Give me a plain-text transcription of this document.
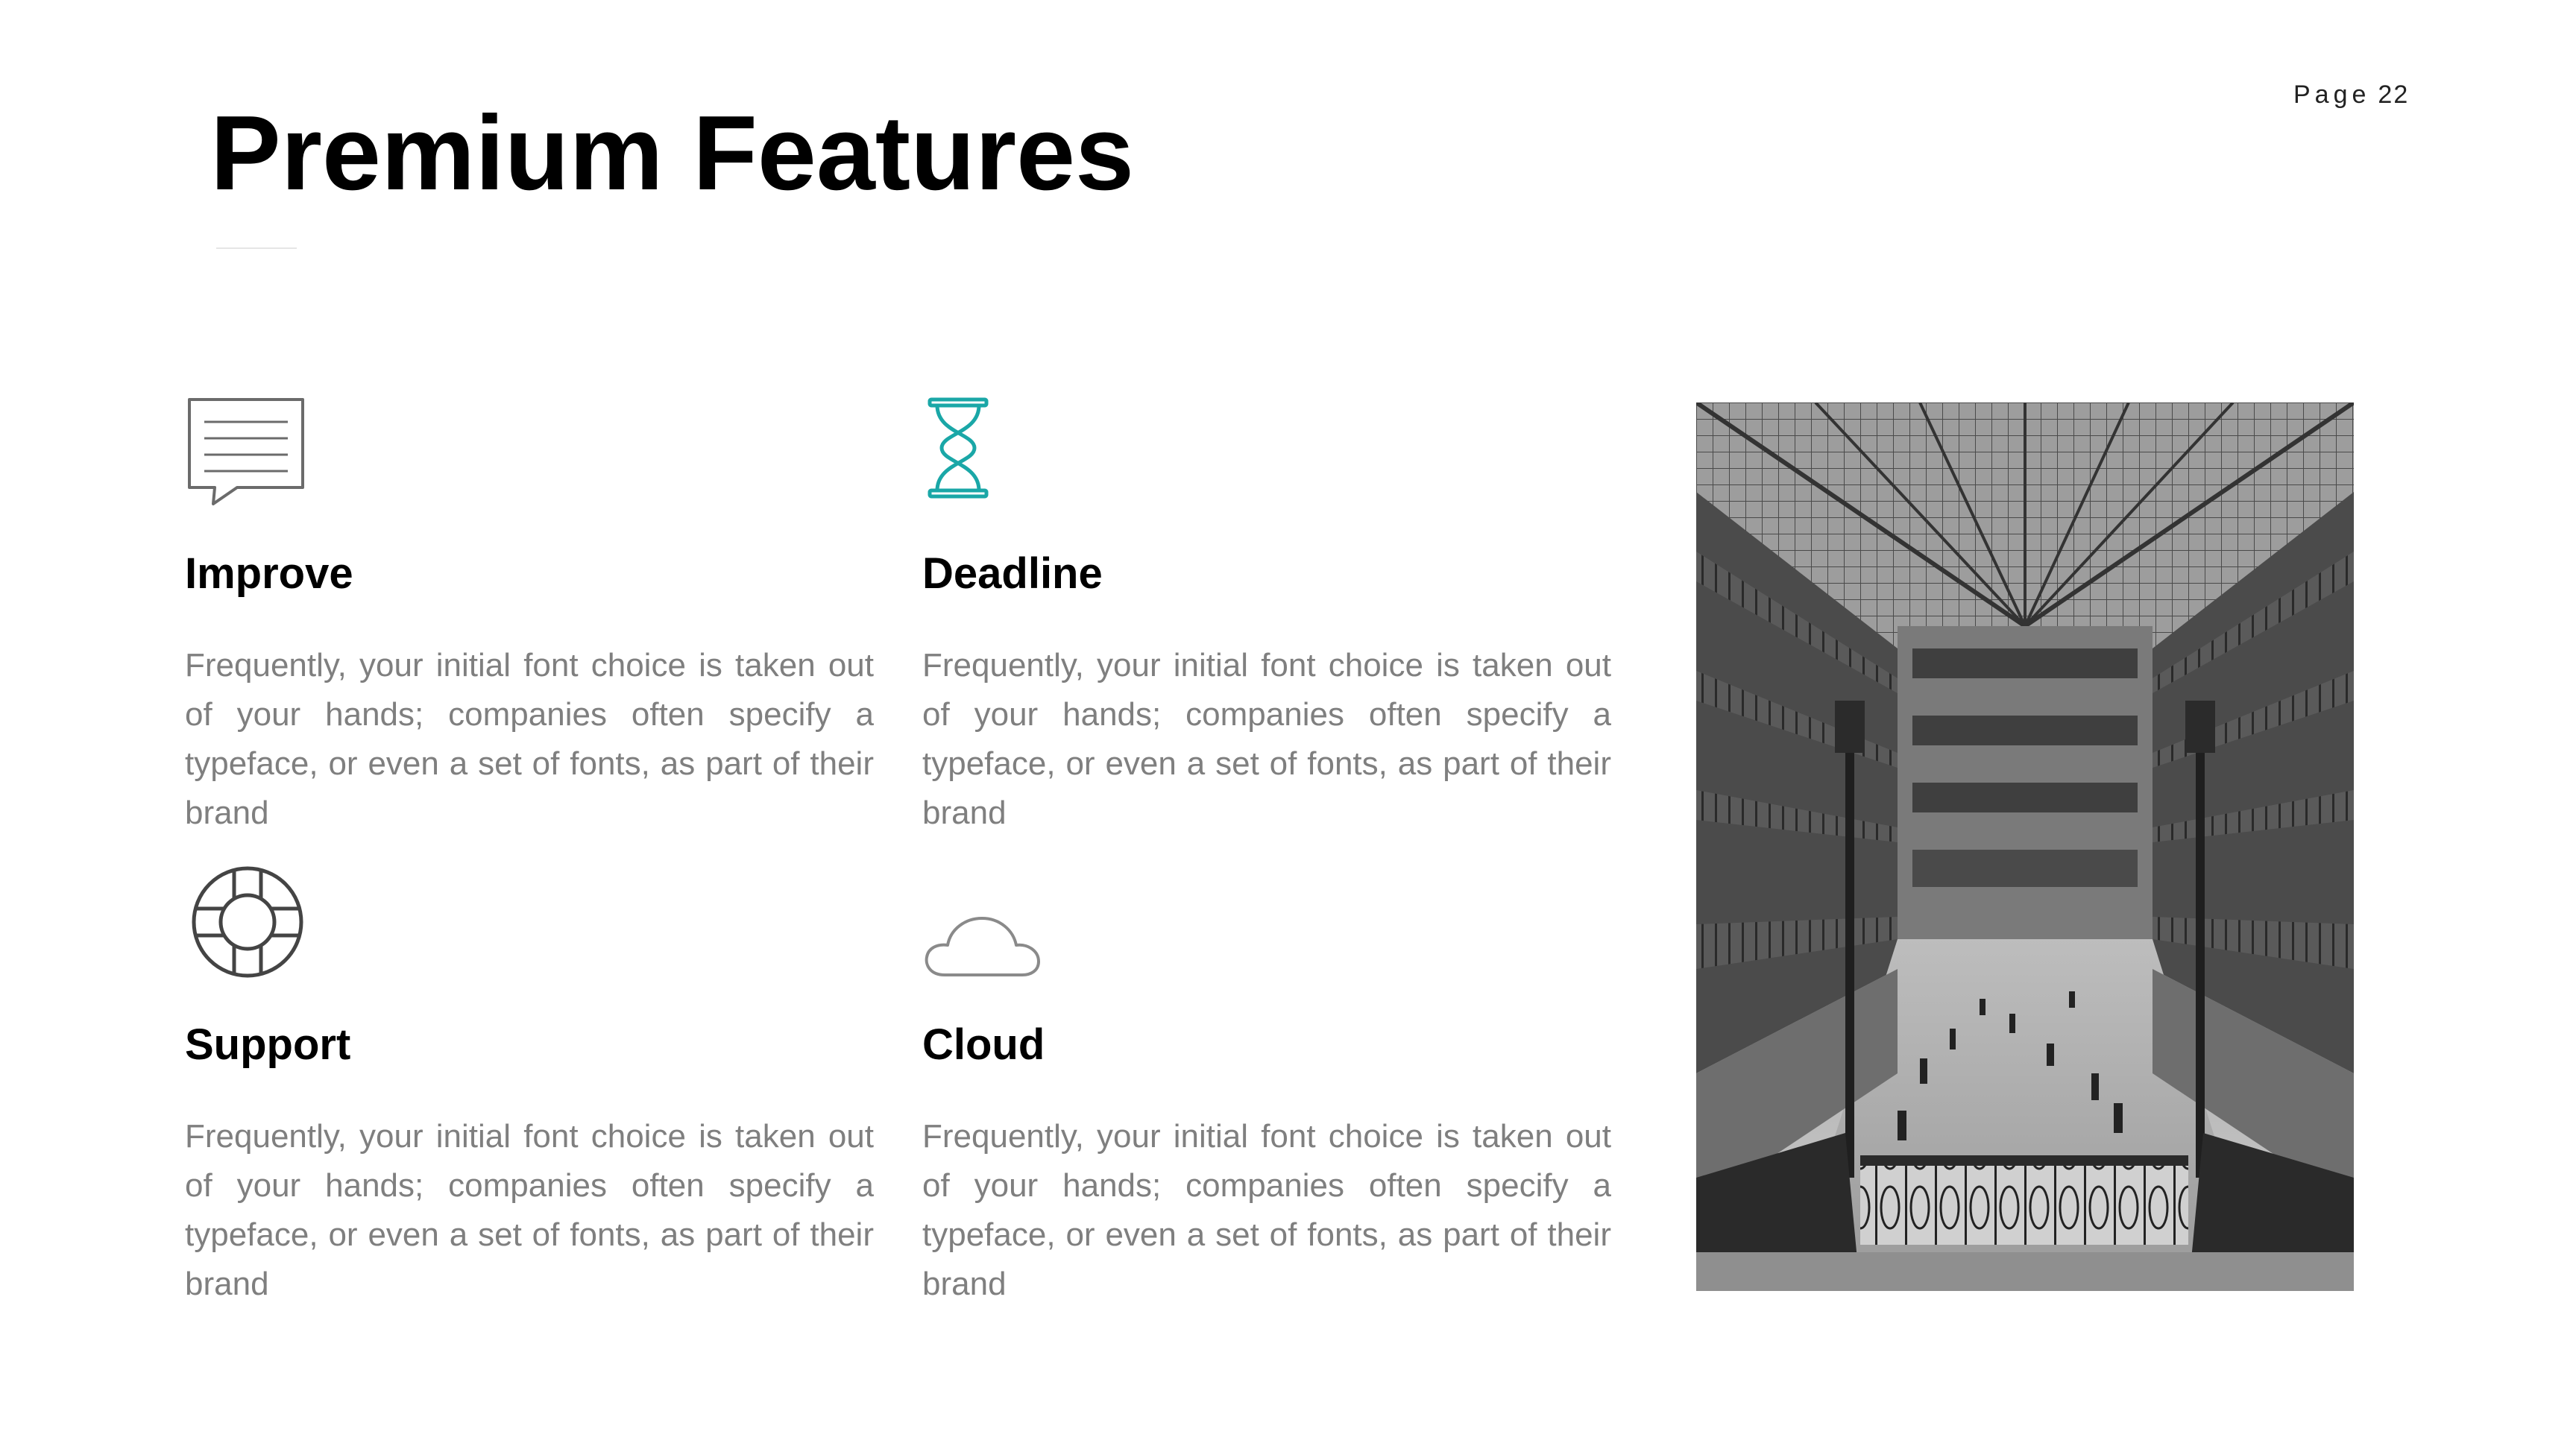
Page 22
Premium Features
Improve

Frequently, your initial font choice is taken out of your hands; companies often specify a typeface, or even a set of fonts, as part of their brand

Deadline

Frequently, your initial font choice is taken out of your hands; companies often specify a typeface, or even a set of fonts, as part of their brand

Support

Frequently, your initial font choice is taken out of your hands; companies often specify a typeface, or even a set of fonts, as part of their brand

Cloud

Frequently, your initial font choice is taken out of your hands; companies often specify a typeface, or even a set of fonts, as part of their brand
